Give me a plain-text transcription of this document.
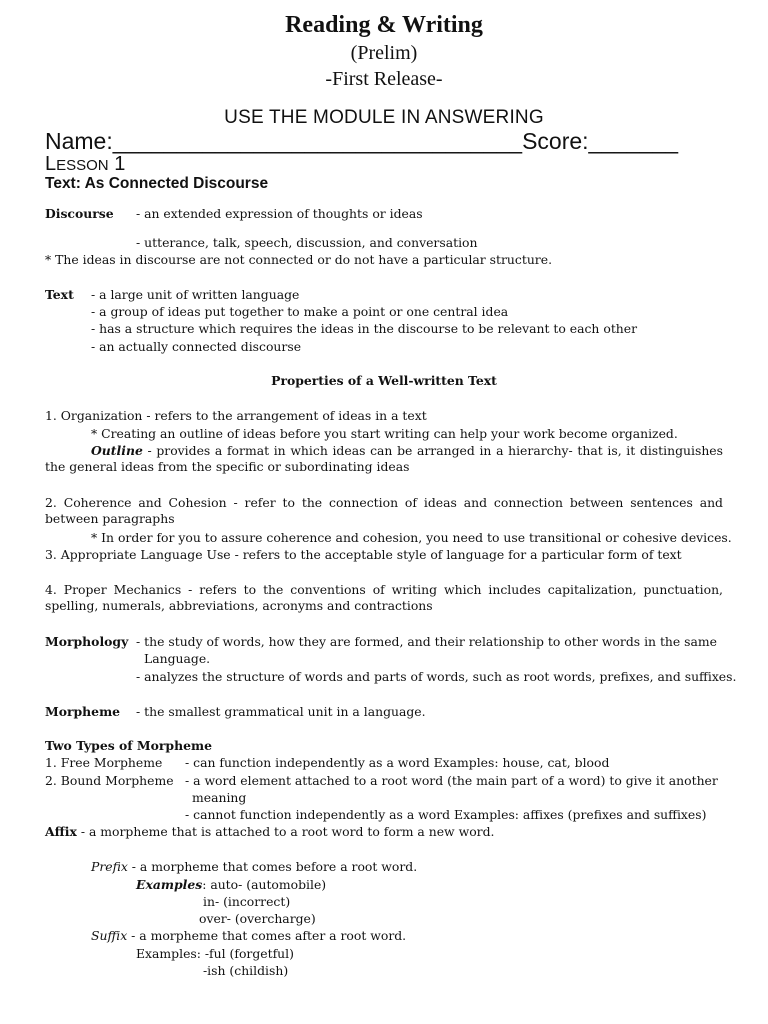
Reading & Writing
(Prelim)
-First Release-
USE THE MODULE IN ANSWERING
Name:________________________________Score:_______
LESSON 1
Text: As Connected Discourse
Discourse - an extended expression of thoughts or ideas
- utterance, talk, speech, discussion, and conversation
* The ideas in discourse are not connected or do not have a particular structure.
Text - a large unit of written language
- a group of ideas put together to make a point or one central idea
- has a structure which requires the ideas in the discourse to be relevant to each other
- an actually connected discourse
Properties of a Well-written Text
1. Organization - refers to the arrangement of ideas in a text
* Creating an outline of ideas before you start writing can help your work become organized.
Outline - provides a format in which ideas can be arranged in a hierarchy- that is, it distinguishes the general ideas from the specific or subordinating ideas
2. Coherence and Cohesion - refer to the connection of ideas and connection between sentences and between paragraphs
* In order for you to assure coherence and cohesion, you need to use transitional or cohesive devices.
3. Appropriate Language Use - refers to the acceptable style of language for a particular form of text
4. Proper Mechanics - refers to the conventions of writing which includes capitalization, punctuation, spelling, numerals, abbreviations, acronyms and contractions
Morphology - the study of words, how they are formed, and their relationship to other words in the same
Language.
- analyzes the structure of words and parts of words, such as root words, prefixes, and suffixes.
Morpheme - the smallest grammatical unit in a language.
Two Types of Morpheme
1. Free Morpheme - can function independently as a word Examples: house, cat, blood
2. Bound Morpheme - a word element attached to a root word (the main part of a word) to give it another
meaning
- cannot function independently as a word Examples: affixes (prefixes and suffixes)
Affix - a morpheme that is attached to a root word to form a new word.
Prefix - a morpheme that comes before a root word.
Examples: auto- (automobile)
in- (incorrect)
over- (overcharge)
Suffix - a morpheme that comes after a root word.
Examples: -ful (forgetful)
-ish (childish)
